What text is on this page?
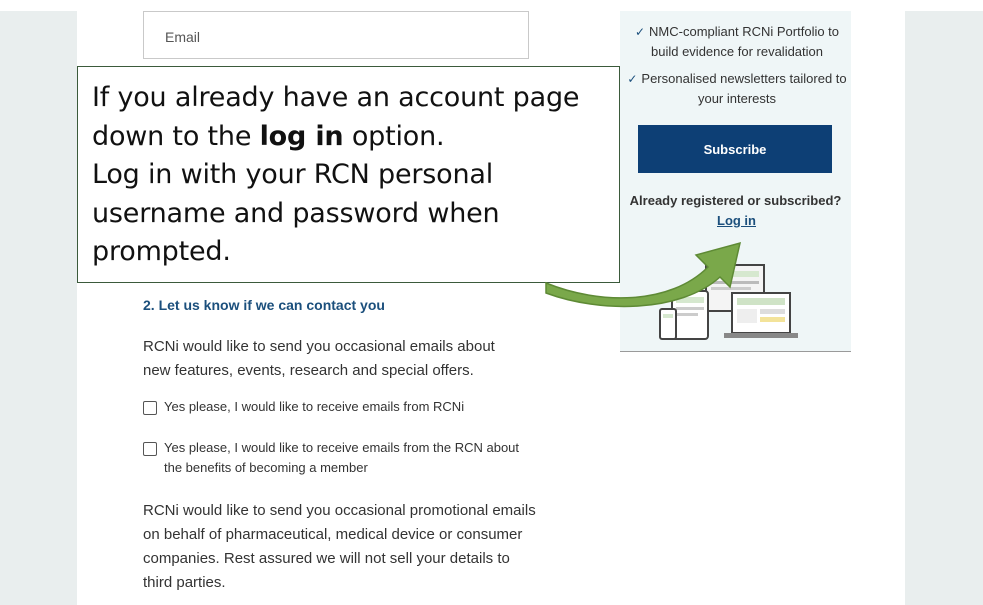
Email
2. Let us know if we can contact you
RCNi would like to send you occasional emails about new features, events, research and special offers.
Yes please, I would like to receive emails from RCNi
Yes please, I would like to receive emails from the RCN about the benefits of becoming a member
RCNi would like to send you occasional promotional emails on behalf of pharmaceutical, medical device or consumer companies. Rest assured we will not sell your details to third parties.
✓ NMC-compliant RCNi Portfolio to build evidence for revalidation
✓ Personalised newsletters tailored to your interests
Subscribe
Already registered or subscribed?
Log in
If you already have an account page down to the log in option.
Log in with your RCN personal username and password when prompted.
